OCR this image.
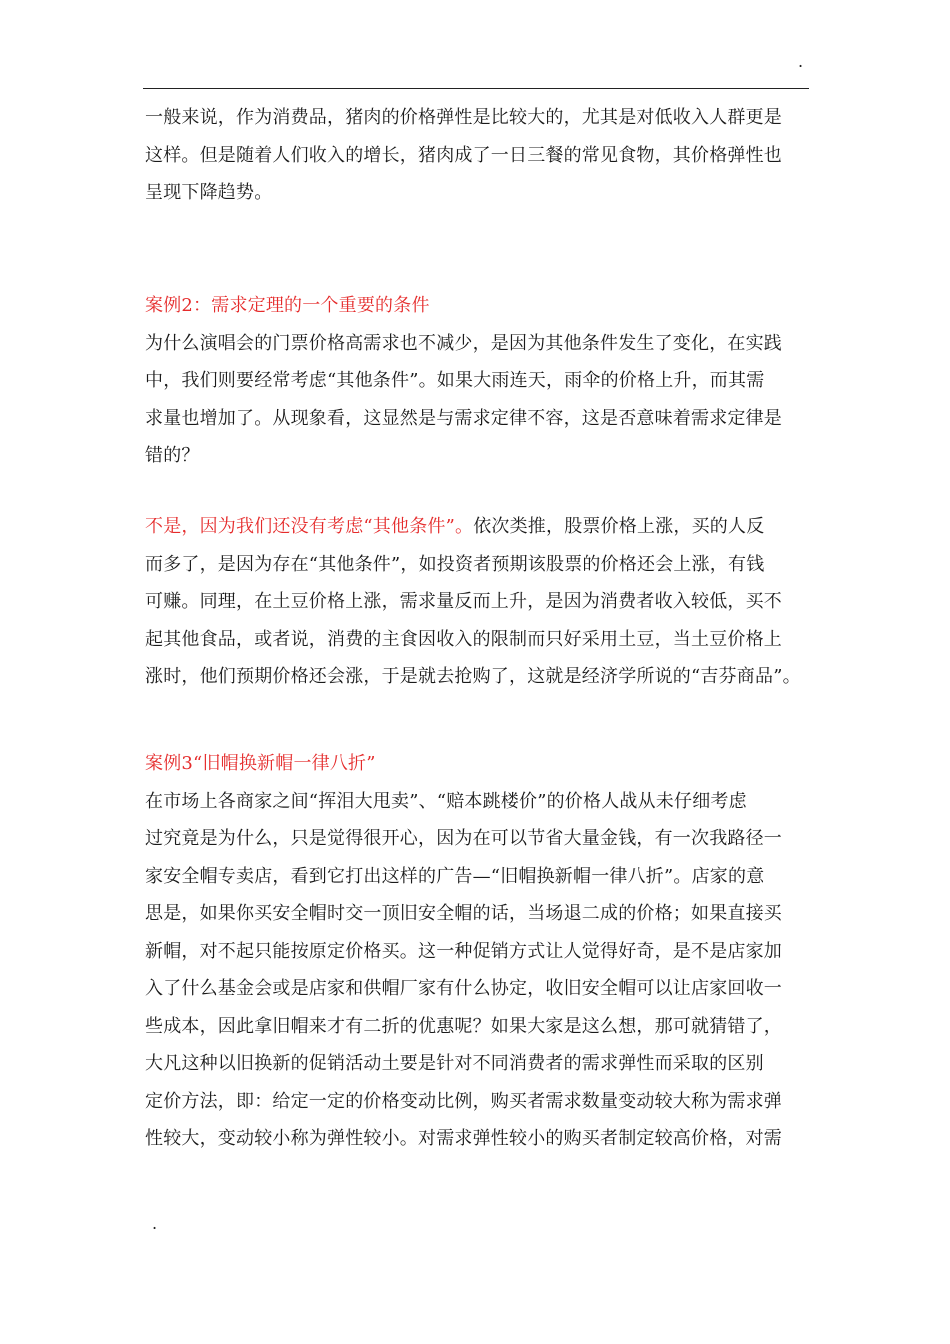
.
一般来说，作为消费品，猪肉的价格弹性是比较大的，尤其是对低收入人群更是
这样。但是随着人们收入的增长，猪肉成了一日三餐的常见食物，其价格弹性也
呈现下降趋势。
案例2：需求定理的一个重要的条件
为什么演唱会的门票价格高需求也不减少，是因为其他条件发生了变化，在实践
中，我们则要经常考虑“其他条件”。如果大雨连天，雨伞的价格上升，而其需
求量也增加了。从现象看，这显然是与需求定律不容，这是否意味着需求定律是
错的？
不是，因为我们还没有考虑“其他条件”。依次类推，股票价格上涨，买的人反
而多了，是因为存在“其他条件”，如投资者预期该股票的价格还会上涨，有钱
可赚。同理，在土豆价格上涨，需求量反而上升，是因为消费者收入较低，买不
起其他食品，或者说，消费的主食因收入的限制而只好采用土豆，当土豆价格上
涨时，他们预期价格还会涨，于是就去抢购了，这就是经济学所说的“吉芬商品”。
案例3“旧帽换新帽一律八折”
在市场上各商家之间“挥泪大甩卖”、“赔本跳楼价”的价格人战从未仔细考虑
过究竟是为什么，只是觉得很开心，因为在可以节省大量金钱，有一次我路径一
家安全帽专卖店，看到它打出这样的广告—“旧帽换新帽一律八折”。店家的意
思是，如果你买安全帽时交一顶旧安全帽的话，当场退二成的价格；如果直接买
新帽，对不起只能按原定价格买。这一种促销方式让人觉得好奇，是不是店家加
入了什么基金会或是店家和供帽厂家有什么协定，收旧安全帽可以让店家回收一
些成本，因此拿旧帽来才有二折的优惠呢？如果大家是这么想，那可就猜错了，
大凡这种以旧换新的促销活动土要是针对不同消费者的需求弹性而采取的区别
定价方法，即：给定一定的价格变动比例，购买者需求数量变动较大称为需求弹
性较大，变动较小称为弹性较小。对需求弹性较小的购买者制定较高价格，对需
.
